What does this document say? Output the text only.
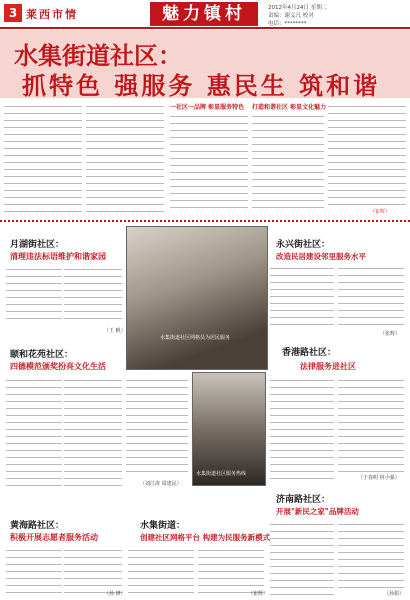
3 莱西市情	魅力镇村	2012年4月24日 星期二
责编：谢义凡 校对
电话：********
水集街道社区：
抓特色 强服务 惠民生 筑和谐
一社区一品牌 彰显服务特色 打造和谐社区 彰显文化魅力
（崔辉）
月湖街社区：
清理违法标语维护和谐家园
（王 帆）
颐和花苑社区：
四德模范颁奖扮亮文化生活
（刘江涛 周建民）
黄海路社区：
积极开展志愿者服务活动
（孙 锋）
水集街道社区网格员为居民服务
水集街道社区服务热线
水集街道：
创建社区网格平台 构建为民服务新模式
（崔辉）
永兴街社区：
改造民居建设邻里服务水平
（张辉）
香港路社区：
法律服务进社区
（于春明 林小强）
济南路社区：
开展"新民之家"品牌活动
（孙娟）
